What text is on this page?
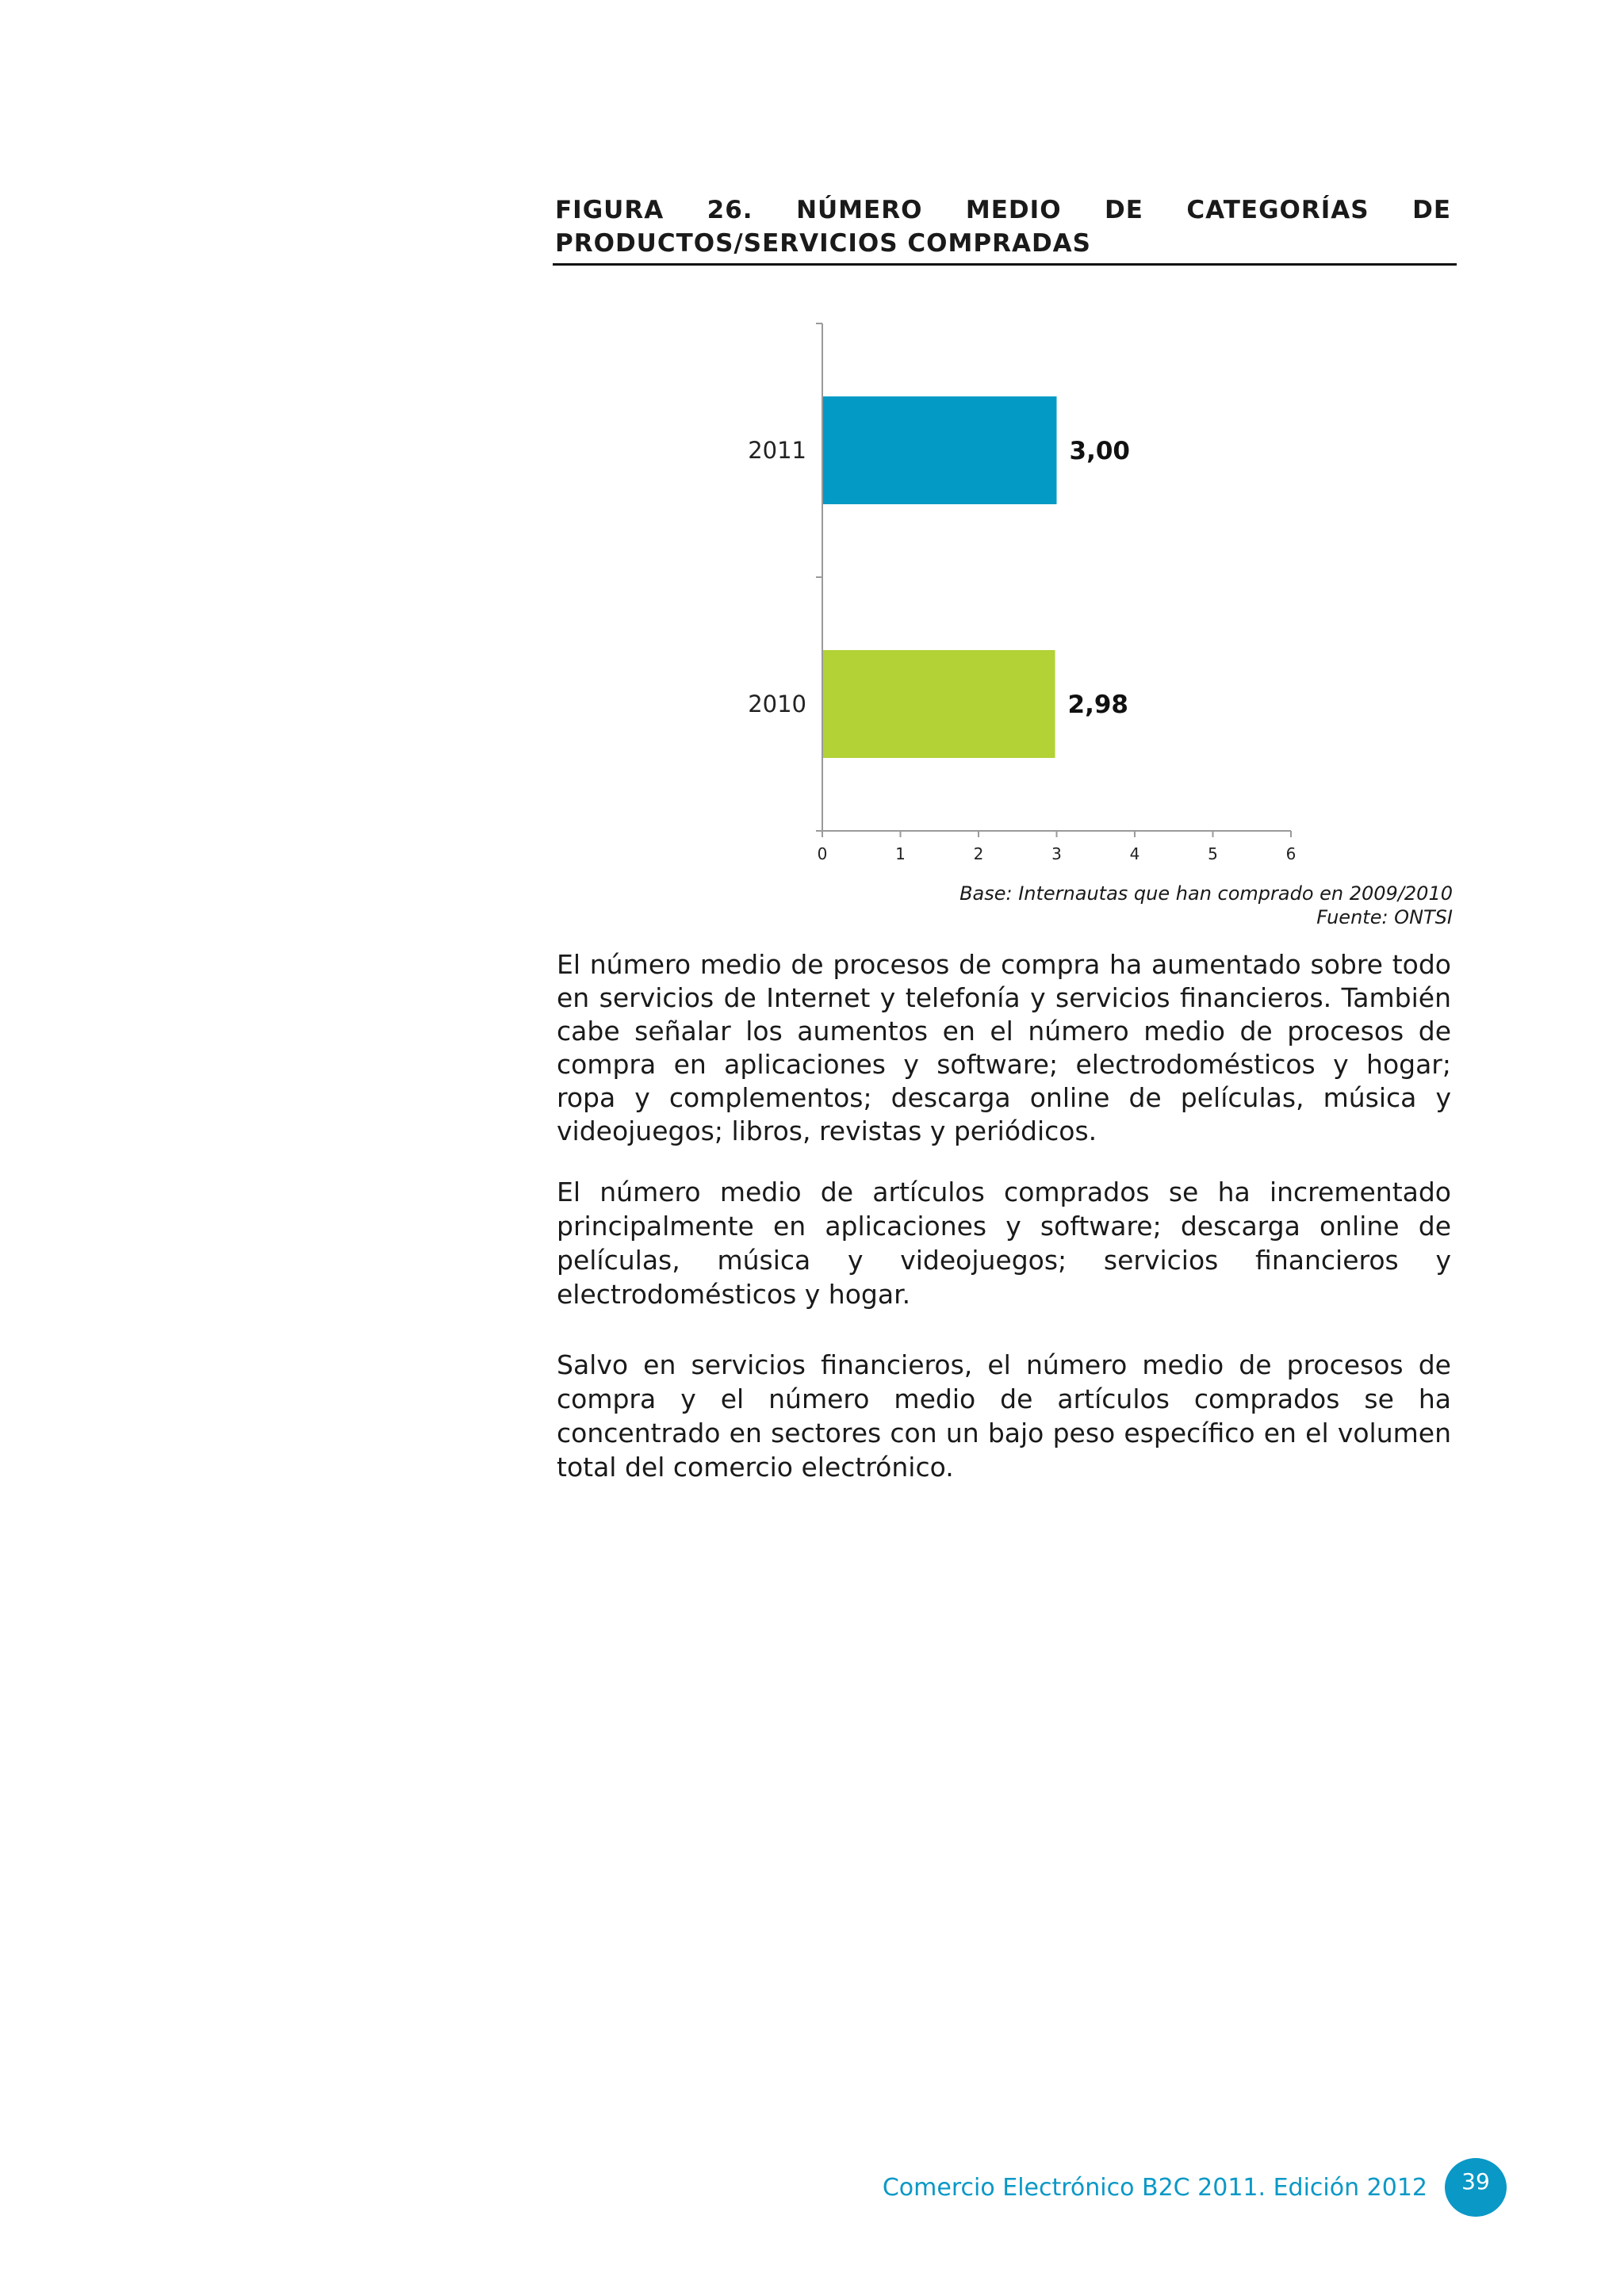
FIGURA 26. NÚMERO MEDIO DE CATEGORÍAS DE PRODUCTOS/SERVICIOS COMPRADAS
0	1	2	3	4	5	6
2011	3,00
2010	2,98
Base: Internautas que han comprado en 2009/2010
Fuente: ONTSI

El número medio de procesos de compra ha aumentado sobre todo en servicios de Internet y telefonía y servicios financieros. También cabe señalar los aumentos en el número medio de procesos de compra en aplicaciones y software; electrodomésticos y hogar; ropa y complementos; descarga online de películas, música y videojuegos; libros, revistas y periódicos.

El número medio de artículos comprados se ha incrementado principalmente en aplicaciones y software; descarga online de películas, música y videojuegos; servicios financieros y electrodomésticos y hogar.

Salvo en servicios financieros, el número medio de procesos de compra y el número medio de artículos comprados se ha concentrado en sectores con un bajo peso específico en el volumen total del comercio electrónico.

Comercio Electrónico B2C 2011. Edición 2012	39
